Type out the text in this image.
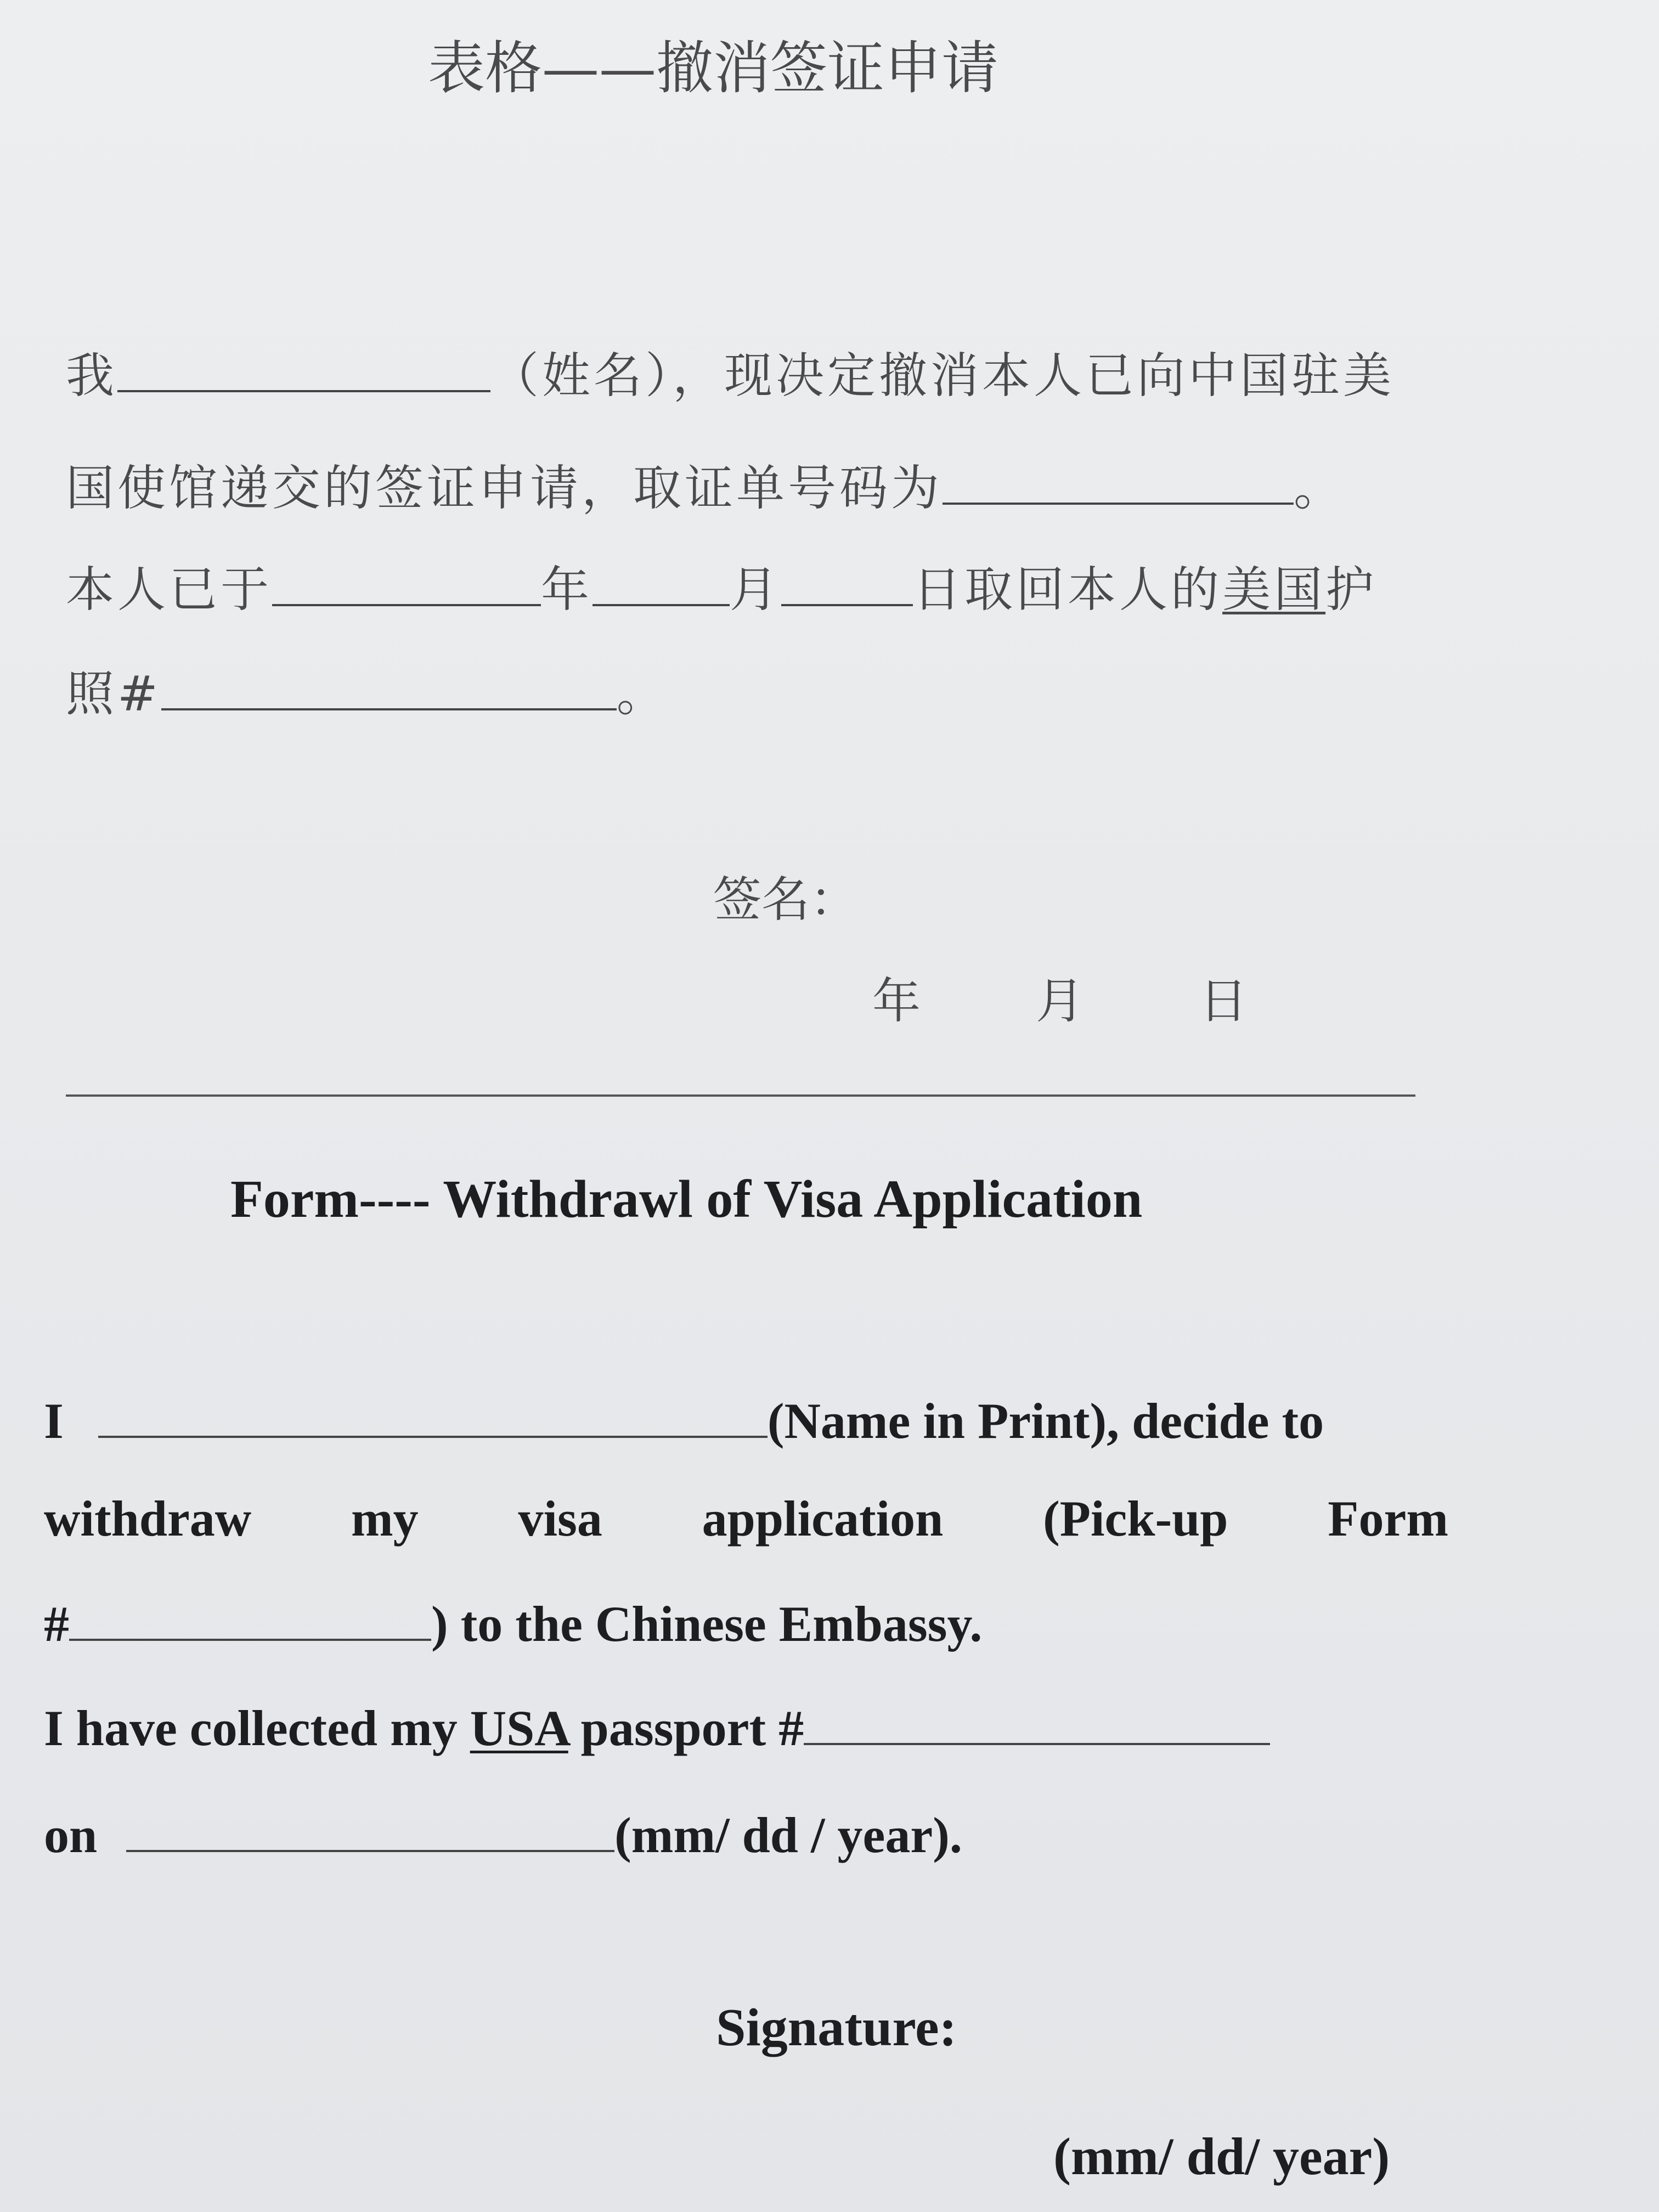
表格——撤消签证申请
我	（姓名），现决定撤消本人已向中国驻美
国使馆递交的签证申请，取证单号码为	。
本人已于	年	月	日取回本人的美国护
照#	。
签名：
年 月 日
Form---- Withdrawl of Visa Application
I	(Name in Print), decide to
withdraw my visa application (Pick-up Form
#	) to the Chinese Embassy.
I have collected my USA passport #
on	(mm/ dd / year).
Signature:
(mm/ dd/ year)
